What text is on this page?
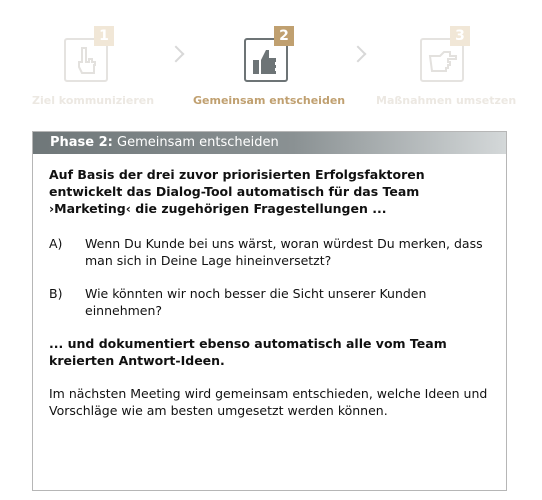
1
Ziel kommunizieren
2
Gemeinsam entscheiden
3
Maßnahmen umsetzen
Phase 2: Gemeinsam entscheiden

Auf Basis der drei zuvor priorisierten Erfolgsfaktoren entwickelt das Dialog-Tool automatisch für das Team ›Marketing‹ die zugehörigen Fragestellungen ...

A)	Wenn Du Kunde bei uns wärst, woran würdest Du merken, dass man sich in Deine Lage hineinversetzt?
B)	Wie könnten wir noch besser die Sicht unserer Kunden einnehmen?

... und dokumentiert ebenso automatisch alle vom Team kreierten Antwort-Ideen.

Im nächsten Meeting wird gemeinsam entschieden, welche Ideen und Vorschläge wie am besten umgesetzt werden können.
